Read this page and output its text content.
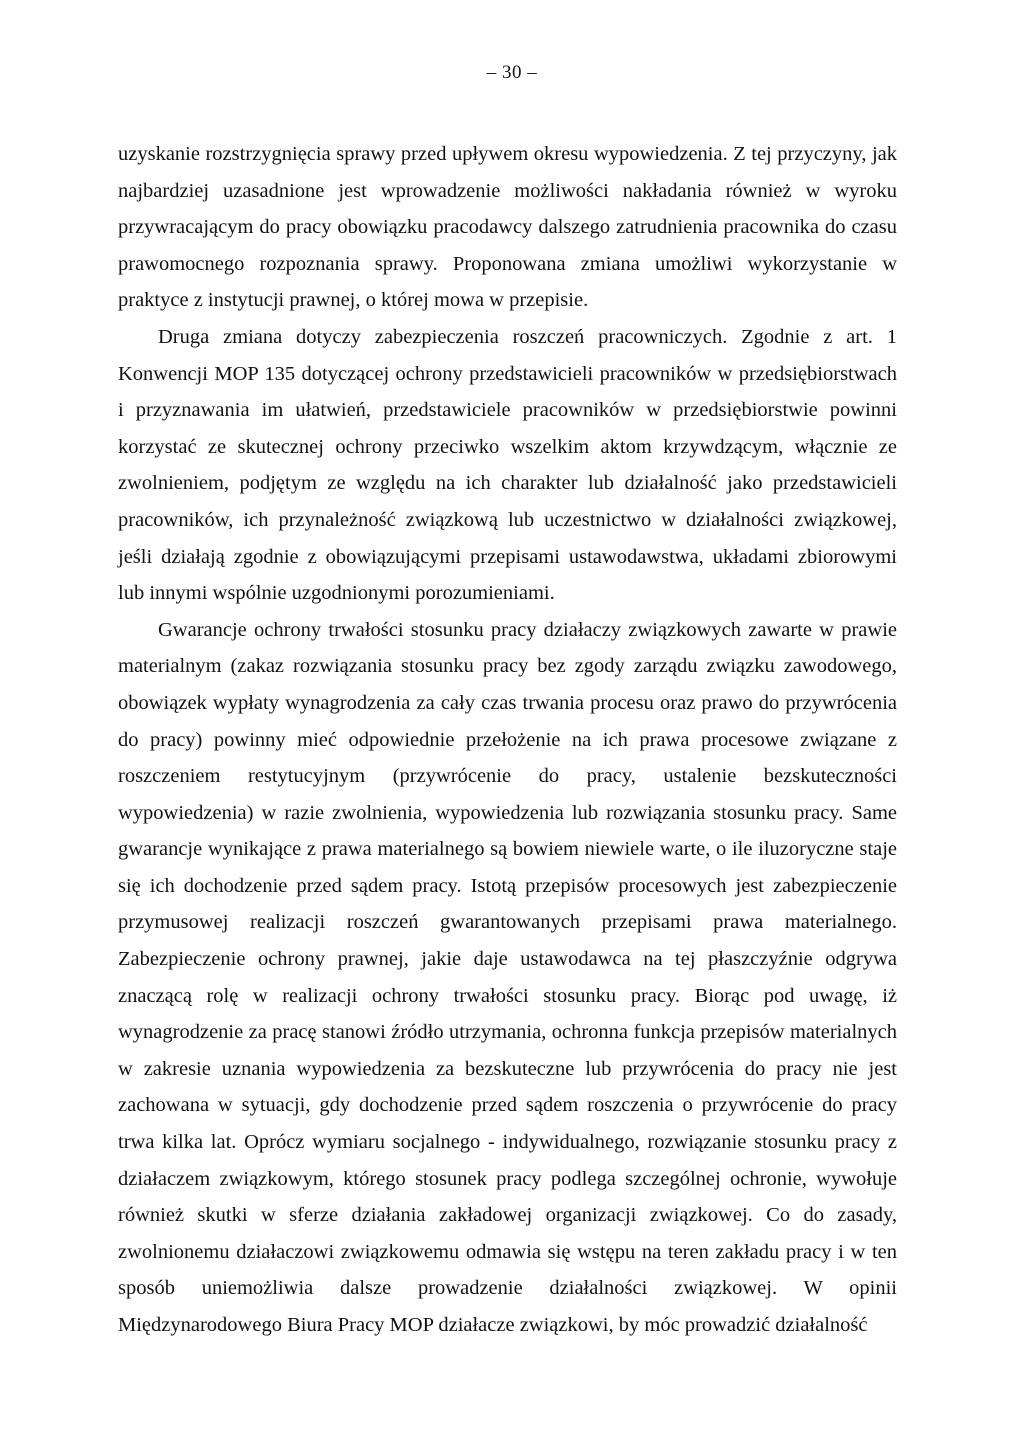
– 30 –

uzyskanie rozstrzygnięcia sprawy przed upływem okresu wypowiedzenia. Z tej przyczyny, jak najbardziej uzasadnione jest wprowadzenie możliwości nakładania również w wyroku przywracającym do pracy obowiązku pracodawcy dalszego zatrudnienia pracownika do czasu prawomocnego rozpoznania sprawy. Proponowana zmiana umożliwi wykorzystanie w praktyce z instytucji prawnej, o której mowa w przepisie.

Druga zmiana dotyczy zabezpieczenia roszczeń pracowniczych. Zgodnie z art. 1 Konwencji MOP 135 dotyczącej ochrony przedstawicieli pracowników w przedsiębiorstwach i przyznawania im ułatwień, przedstawiciele pracowników w przedsiębiorstwie powinni korzystać ze skutecznej ochrony przeciwko wszelkim aktom krzywdzącym, włącznie ze zwolnieniem, podjętym ze względu na ich charakter lub działalność jako przedstawicieli pracowników, ich przynależność związkową lub uczestnictwo w działalności związkowej, jeśli działają zgodnie z obowiązującymi przepisami ustawodawstwa, układami zbiorowymi lub innymi wspólnie uzgodnionymi porozumieniami.

Gwarancje ochrony trwałości stosunku pracy działaczy związkowych zawarte w prawie materialnym (zakaz rozwiązania stosunku pracy bez zgody zarządu związku zawodowego, obowiązek wypłaty wynagrodzenia za cały czas trwania procesu oraz prawo do przywrócenia do pracy) powinny mieć odpowiednie przełożenie na ich prawa procesowe związane z roszczeniem restytucyjnym (przywrócenie do pracy, ustalenie bezskuteczności wypowiedzenia) w razie zwolnienia, wypowiedzenia lub rozwiązania stosunku pracy. Same gwarancje wynikające z prawa materialnego są bowiem niewiele warte, o ile iluzoryczne staje się ich dochodzenie przed sądem pracy. Istotą przepisów procesowych jest zabezpieczenie przymusowej realizacji roszczeń gwarantowanych przepisami prawa materialnego. Zabezpieczenie ochrony prawnej, jakie daje ustawodawca na tej płaszczyźnie odgrywa znaczącą rolę w realizacji ochrony trwałości stosunku pracy. Biorąc pod uwagę, iż wynagrodzenie za pracę stanowi źródło utrzymania, ochronna funkcja przepisów materialnych w zakresie uznania wypowiedzenia za bezskuteczne lub przywrócenia do pracy nie jest zachowana w sytuacji, gdy dochodzenie przed sądem roszczenia o przywrócenie do pracy trwa kilka lat. Oprócz wymiaru socjalnego - indywidualnego, rozwiązanie stosunku pracy z działaczem związkowym, którego stosunek pracy podlega szczególnej ochronie, wywołuje również skutki w sferze działania zakładowej organizacji związkowej. Co do zasady, zwolnionemu działaczowi związkowemu odmawia się wstępu na teren zakładu pracy i w ten sposób uniemożliwia dalsze prowadzenie działalności związkowej. W opinii Międzynarodowego Biura Pracy MOP działacze związkowi, by móc prowadzić działalność
